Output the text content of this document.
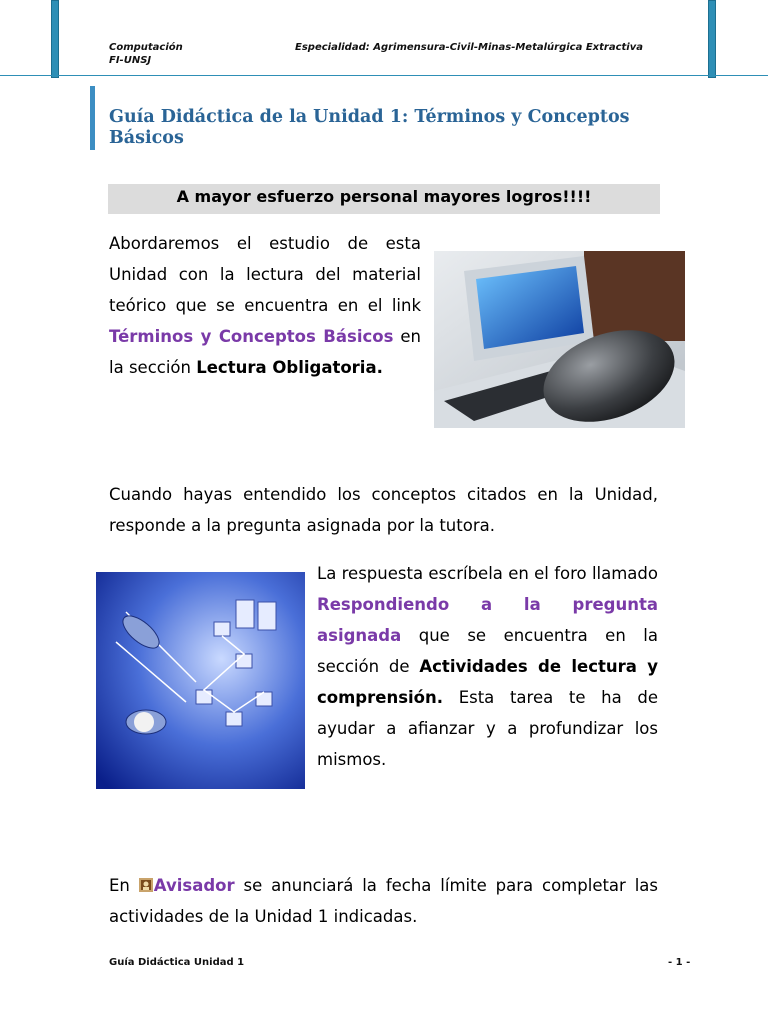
Computación
FI-UNSJ
Especialidad: Agrimensura-Civil-Minas-Metalúrgica Extractiva
Guía Didáctica de la Unidad 1: Términos y Conceptos Básicos
A mayor esfuerzo personal mayores logros!!!!
Abordaremos el estudio de esta Unidad con la lectura del material teórico que se encuentra en el link Términos y Conceptos Básicos en la sección Lectura Obligatoria.
Cuando hayas entendido los conceptos citados en la Unidad, responde a la pregunta asignada por la tutora.
La respuesta escríbela en el foro llamado Respondiendo a la pregunta asignada que se encuentra en la sección de Actividades de lectura y comprensión. Esta tarea te ha de ayudar a afianzar y a profundizar los mismos.
En Avisador se anunciará la fecha límite para completar las actividades de la Unidad 1 indicadas.
Guía Didáctica Unidad 1	- 1 -
